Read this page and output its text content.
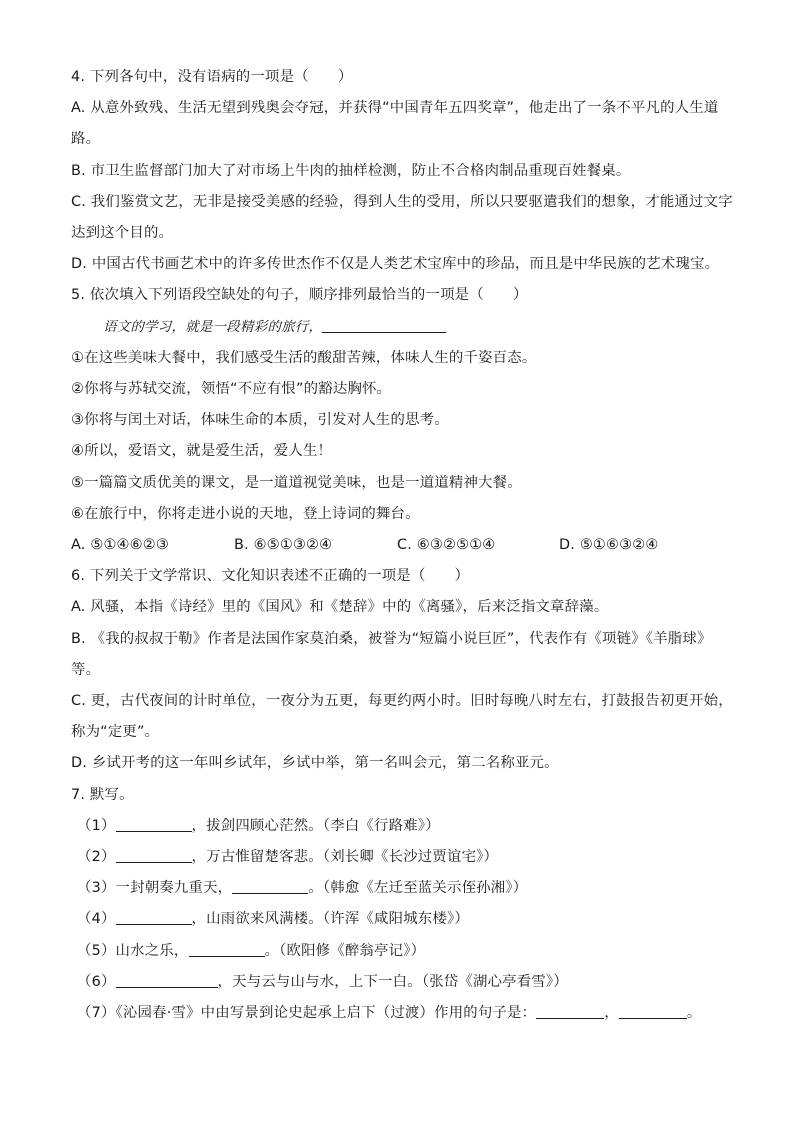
4. 下列各句中，没有语病的一项是（　　）
A. 从意外致残、生活无望到残奥会夺冠，并获得“中国青年五四奖章”，他走出了一条不平凡的人生道
路。
B. 市卫生监督部门加大了对市场上牛肉的抽样检测，防止不合格肉制品重现百姓餐桌。
C. 我们鉴赏文艺，无非是接受美感的经验，得到人生的受用，所以只要驱遣我们的想象，才能通过文字
达到这个目的。
D. 中国古代书画艺术中的许多传世杰作不仅是人类艺术宝库中的珍品，而且是中华民族的艺术瑰宝。
5. 依次填入下列语段空缺处的句子，顺序排列最恰当的一项是（　　）
语文的学习，就是一段精彩的旅行，
①在这些美味大餐中，我们感受生活的酸甜苦辣，体味人生的千姿百态。
②你将与苏轼交流，领悟“不应有恨”的豁达胸怀。
③你将与闰土对话，体味生命的本质，引发对人生的思考。
④所以，爱语文，就是爱生活，爱人生！
⑤一篇篇文质优美的课文，是一道道视觉美味，也是一道道精神大餐。
⑥在旅行中，你将走进小说的天地，登上诗词的舞台。
A. ⑤①④⑥②③	B. ⑥⑤①③②④	C. ⑥③②⑤①④	D. ⑤①⑥③②④
6. 下列关于文学常识、文化知识表述不正确的一项是（　　）
A. 风骚，本指《诗经》里的《国风》和《楚辞》中的《离骚》，后来泛指文章辞藻。
B. 《我的叔叔于勒》作者是法国作家莫泊桑，被誉为“短篇小说巨匠”，代表作有《项链》《羊脂球》
等。
C. 更，古代夜间的计时单位，一夜分为五更，每更约两小时。旧时每晚八时左右，打鼓报告初更开始，
称为“定更”。
D. 乡试开考的这一年叫乡试年，乡试中举，第一名叫会元，第二名称亚元。
7. 默写。
（1）	，拔剑四顾心茫然。（李白《行路难》）
（2）	，万古惟留楚客悲。（刘长卿《长沙过贾谊宅》）
（3）一封朝奏九重天，	。（韩愈《左迁至蓝关示侄孙湘》）
（4）	，山雨欲来风满楼。（许浑《咸阳城东楼》）
（5）山水之乐，	。（欧阳修《醉翁亭记》）
（6）	，天与云与山与水，上下一白。（张岱《湖心亭看雪》）
（7）《沁园春·雪》中由写景到论史起承上启下（过渡）作用的句子是：	，	。
